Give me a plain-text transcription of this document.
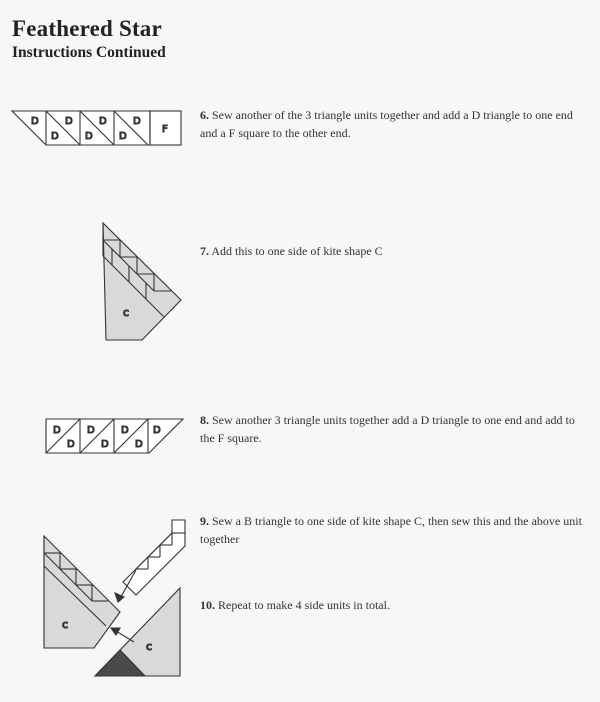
Feathered Star
Instructions Continued
6. Sew another of the 3 triangle units together and add a D triangle to one end and a F square to the other end.
7. Add this to one side of kite shape C
8. Sew another 3 triangle units together add a D triangle to one end and add to the F square.
9. Sew a B triangle to one side of kite shape C, then sew this and the above unit together
10. Repeat to make 4 side units in total.
D
D
D
D
D
D
D
F
c
D
D
D
D
D
D
D
c
c
